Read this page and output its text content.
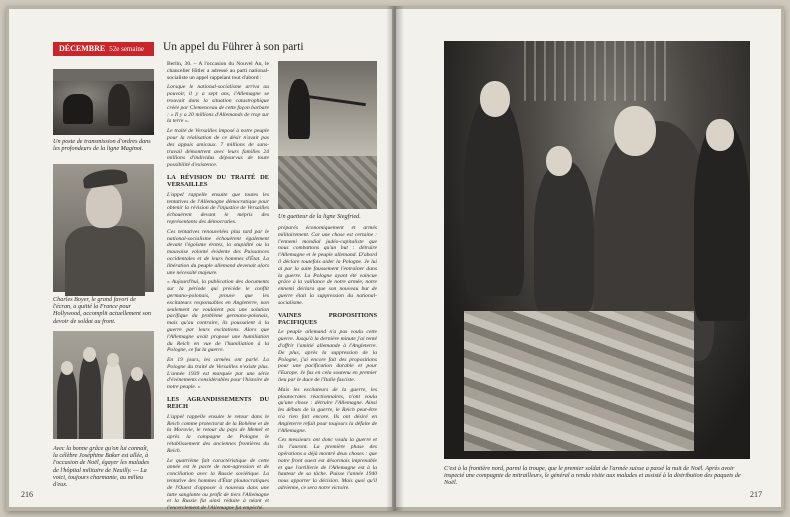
DÉCEMBRE 52e semaine	Un appel du Führer à son parti
Un poste de transmission d'ordres dans les profondeurs de la ligne Maginot.
Charles Boyer, le grand favori de l'écran, a quitté la France pour Hollywood, accomplit actuellement son devoir de soldat au front.
Avec la bonne grâce qu'on lui connaît, la célèbre Joséphine Baker est allée, à l'occasion de Noël, égayer les malades de l'hôpital militaire de Neuilly. — La voici, toujours charmante, au milieu d'eux.

Berlin, 30. – A l'occasion du Nouvel An, le chancelier Hitler a adressé au parti national-socialiste un appel rappelant tout d'abord :

Lorsque le national-socialisme arriva au pouvoir, il y a sept ans, l'Allemagne se trouvait dans la situation catastrophique créée par Clemenceau de cette façon barbare : « Il y a 20 millions d'Allemands de trop sur la terre ».

Le traité de Versailles imposé à notre peuple pour la réalisation de ce désir n'avait pas des appuis amicaux. 7 millions de sans-travail démontrent avec leurs familles 24 millions d'individus dépourvus de toute possibilité d'existence.

LA RÉVISION DU TRAITÉ DE VERSAILLES

L'appel rappelle ensuite que toutes les tentatives de l'Allemagne démocratique pour obtenir la révision de l'injustice de Versailles échouèrent devant le mépris des représentants des démocraties.

Ces tentatives renouvelées plus tard par le national-socialisme échouèrent également devant l'égoïsme érotez, la stupidité ou la mauvaise volonté évidente des Puissances occidentales et de leurs hommes d'État. La libération du peuple allemand devenait alors une nécessité majeure.

« Aujourd'hui, la publication des documents sur la période qui précède le conflit germano-polonais, prouve que les excitateurs responsables en Angleterre, non seulement ne voulaient pas une solution pacifique du problème germano-polonais, mais qu'au contraire, ils poussaient à la guerre par leurs excitations. Alors que l'Allemagne avait proposé une humiliation du Reich en vue de l'humiliation à la Pologne, ce fut la guerre.

En 19 jours, les armées ont parlé. La Pologne du traité de Versailles n'existe plus. L'année 1939 est marquée par une série d'événements considérables pour l'histoire de notre peuple. »

LES AGRANDISSEMENTS DU REICH

L'appel rappelle ensuite le retour dans le Reich comme protectorat de la Bohême et de la Moravie, le retour du pays de Memel et après la campagne de Pologne le rétablissement des anciennes frontières du Reich.

Le quatrième fait caractéristique de cette année est le pacte de non-agression et de conciliation avec la Russie soviétique. La tentative des hommes d'État ploutocratiques de l'Ouest d'opposer à nouveau dans une lutte sanglante ou profit de tiers l'Allemagne et la Russie fut ainsi réduite à néant et l'encerclement de l'Allemagne fut empêché.

Un guetteur de la ligne Siegfried.

préparés économiquement et armés militairement. Car une chose est certaine : l'ennemi mondial judéo-capitaliste que nous combattons qu'un but : détruire l'Allemagne et le peuple allemand. D'abord il déclare toutefois aider la Pologne. Je lui ai par la suite faussement l'entraîner dans la guerre. La Pologne ayant été vaincue grâce à la vaillance de notre armée, notre ennemi déclara que son nouveau but de guerre était la suppression du national-socialisme.

VAINES PROPOSITIONS PACIFIQUES

Le peuple allemand n'a pas voulu cette guerre. Jusqu'à la dernière minute j'ai tenté d'offrir l'amitié allemande à l'Angleterre. De plus, après la suppression de la Pologne, j'ai encore fait des propositions pour une pacification durable et pour l'Europe. Je fus en cela soutenu en premier lieu par le duce de l'Italie fasciste.

Mais les excitateurs de la guerre, les ploutocrates réactionnaires, n'ont voulu qu'une chose : détruire l'Allemagne. Ainsi les débuts de la guerre, le Reich peut-être n'a rien fait encore. Ils ont désiré en Angleterre refait pour toujours la défaite de l'Allemagne.

Ces messieurs ont donc voulu la guerre et ils l'auront. La première phase des opérations a déjà montré deux choses : que notre front ouest est désormais imprenable et que l'artillerie de l'Allemagne est à la hauteur de sa tâche. Puisse l'année 1940 nous apporter la décision. Mais quoi qu'il advienne, ce sera notre victoire.

216
C'est à la frontière nord, parmi la troupe, que le premier soldat de l'armée suisse a passé la nuit de Noël. Après avoir inspecté une compagnie de mitrailleurs, le général a rendu visite aux malades et assisté à la distribution des paquets de Noël.
217
